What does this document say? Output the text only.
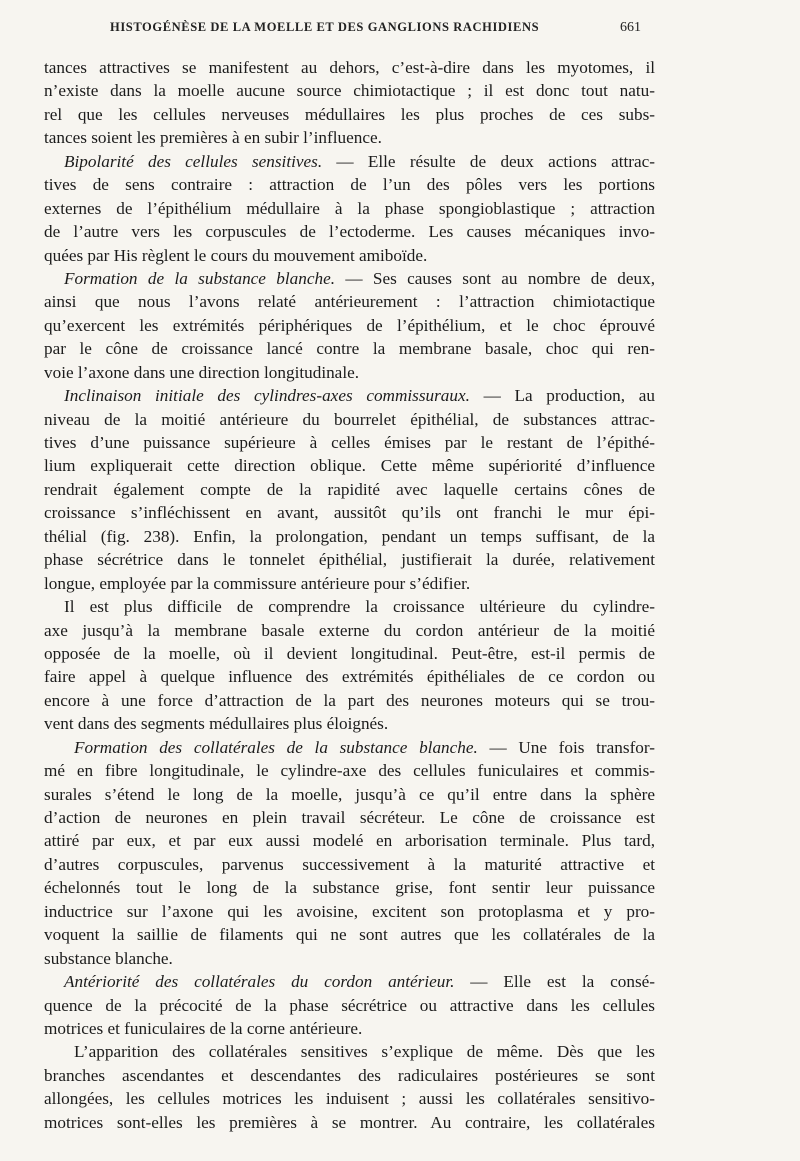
HISTOGÉNÈSE DE LA MOELLE ET DES GANGLIONS RACHIDIENS	661
tances attractives se manifestent au dehors, c’est-à-dire dans les myotomes, il
n’existe dans la moelle aucune source chimiotactique ; il est donc tout natu-
rel que les cellules nerveuses médullaires les plus proches de ces subs-
tances soient les premières à en subir l’influence.
Bipolarité des cellules sensitives. — Elle résulte de deux actions attrac-
tives de sens contraire : attraction de l’un des pôles vers les portions
externes de l’épithélium médullaire à la phase spongioblastique ; attraction
de l’autre vers les corpuscules de l’ectoderme. Les causes mécaniques invo-
quées par His règlent le cours du mouvement amiboïde.
Formation de la substance blanche. — Ses causes sont au nombre de deux,
ainsi que nous l’avons relaté antérieurement : l’attraction chimiotactique
qu’exercent les extrémités périphériques de l’épithélium, et le choc éprouvé
par le cône de croissance lancé contre la membrane basale, choc qui ren-
voie l’axone dans une direction longitudinale.
Inclinaison initiale des cylindres-axes commissuraux. — La production, au
niveau de la moitié antérieure du bourrelet épithélial, de substances attrac-
tives d’une puissance supérieure à celles émises par le restant de l’épithé-
lium expliquerait cette direction oblique. Cette même supériorité d’influence
rendrait également compte de la rapidité avec laquelle certains cônes de
croissance s’infléchissent en avant, aussitôt qu’ils ont franchi le mur épi-
thélial (fig. 238). Enfin, la prolongation, pendant un temps suffisant, de la
phase sécrétrice dans le tonnelet épithélial, justifierait la durée, relativement
longue, employée par la commissure antérieure pour s’édifier.
Il est plus difficile de comprendre la croissance ultérieure du cylindre-
axe jusqu’à la membrane basale externe du cordon antérieur de la moitié
opposée de la moelle, où il devient longitudinal. Peut-être, est-il permis de
faire appel à quelque influence des extrémités épithéliales de ce cordon ou
encore à une force d’attraction de la part des neurones moteurs qui se trou-
vent dans des segments médullaires plus éloignés.
Formation des collatérales de la substance blanche. — Une fois transfor-
mé en fibre longitudinale, le cylindre-axe des cellules funiculaires et commis-
surales s’étend le long de la moelle, jusqu’à ce qu’il entre dans la sphère
d’action de neurones en plein travail sécréteur. Le cône de croissance est
attiré par eux, et par eux aussi modelé en arborisation terminale. Plus tard,
d’autres corpuscules, parvenus successivement à la maturité attractive et
échelonnés tout le long de la substance grise, font sentir leur puissance
inductrice sur l’axone qui les avoisine, excitent son protoplasma et y pro-
voquent la saillie de filaments qui ne sont autres que les collatérales de la
substance blanche.
Antériorité des collatérales du cordon antérieur. — Elle est la consé-
quence de la précocité de la phase sécrétrice ou attractive dans les cellules
motrices et funiculaires de la corne antérieure.
L’apparition des collatérales sensitives s’explique de même. Dès que les
branches ascendantes et descendantes des radiculaires postérieures se sont
allongées, les cellules motrices les induisent ; aussi les collatérales sensitivo-
motrices sont-elles les premières à se montrer. Au contraire, les collatérales
